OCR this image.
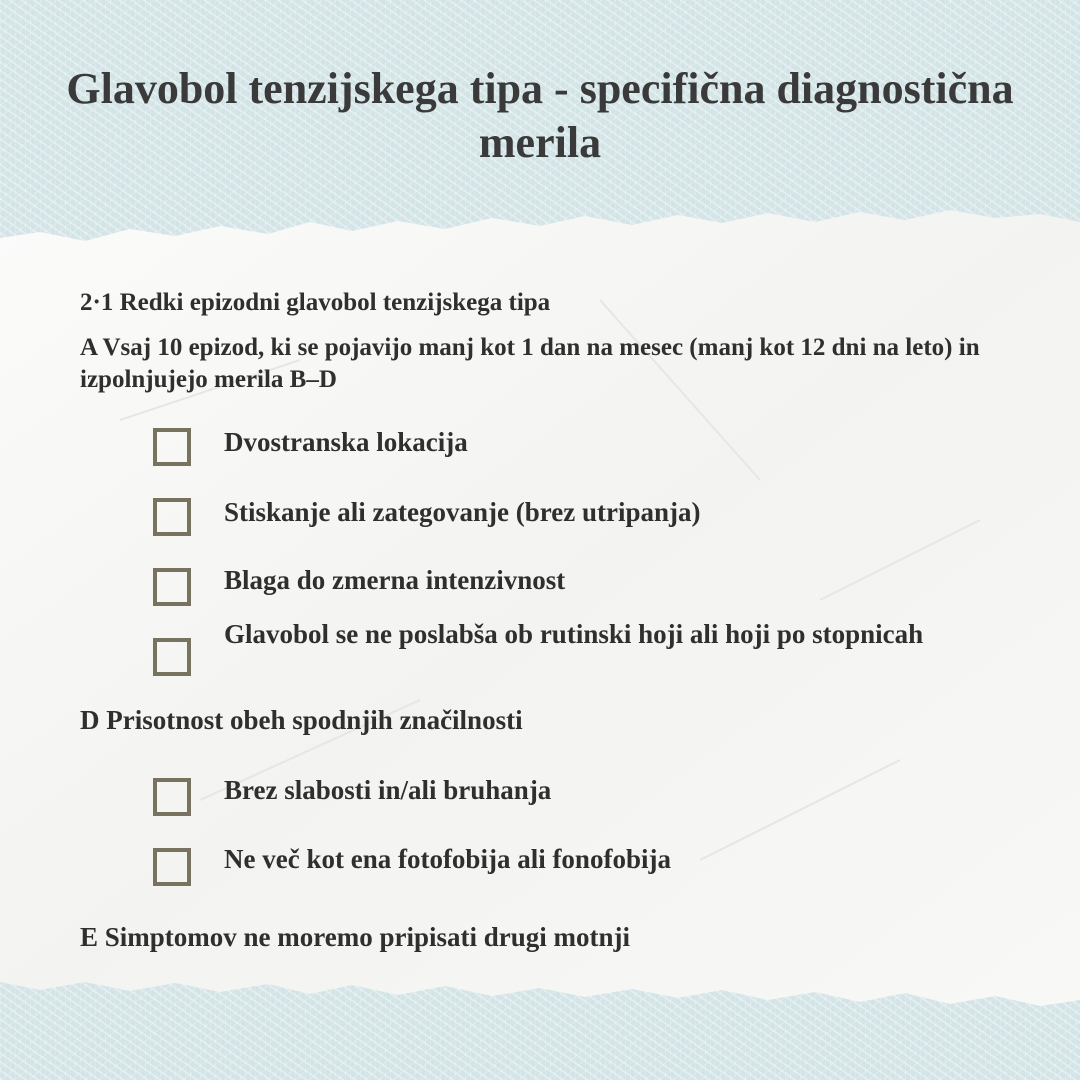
Glavobol tenzijskega tipa - specifična diagnostična merila
2·1 Redki epizodni glavobol tenzijskega tipa
A Vsaj 10 epizod, ki se pojavijo manj kot 1 dan na mesec (manj kot 12 dni na leto) in izpolnjujejo merila B–D
Dvostranska lokacija
Stiskanje ali zategovanje (brez utripanja)
Blaga do zmerna intenzivnost
Glavobol se ne poslabša ob rutinski hoji ali hoji po stopnicah
D Prisotnost obeh spodnjih značilnosti
Brez slabosti in/ali bruhanja
Ne več kot ena fotofobija ali fonofobija
E Simptomov ne moremo pripisati drugi motnji
